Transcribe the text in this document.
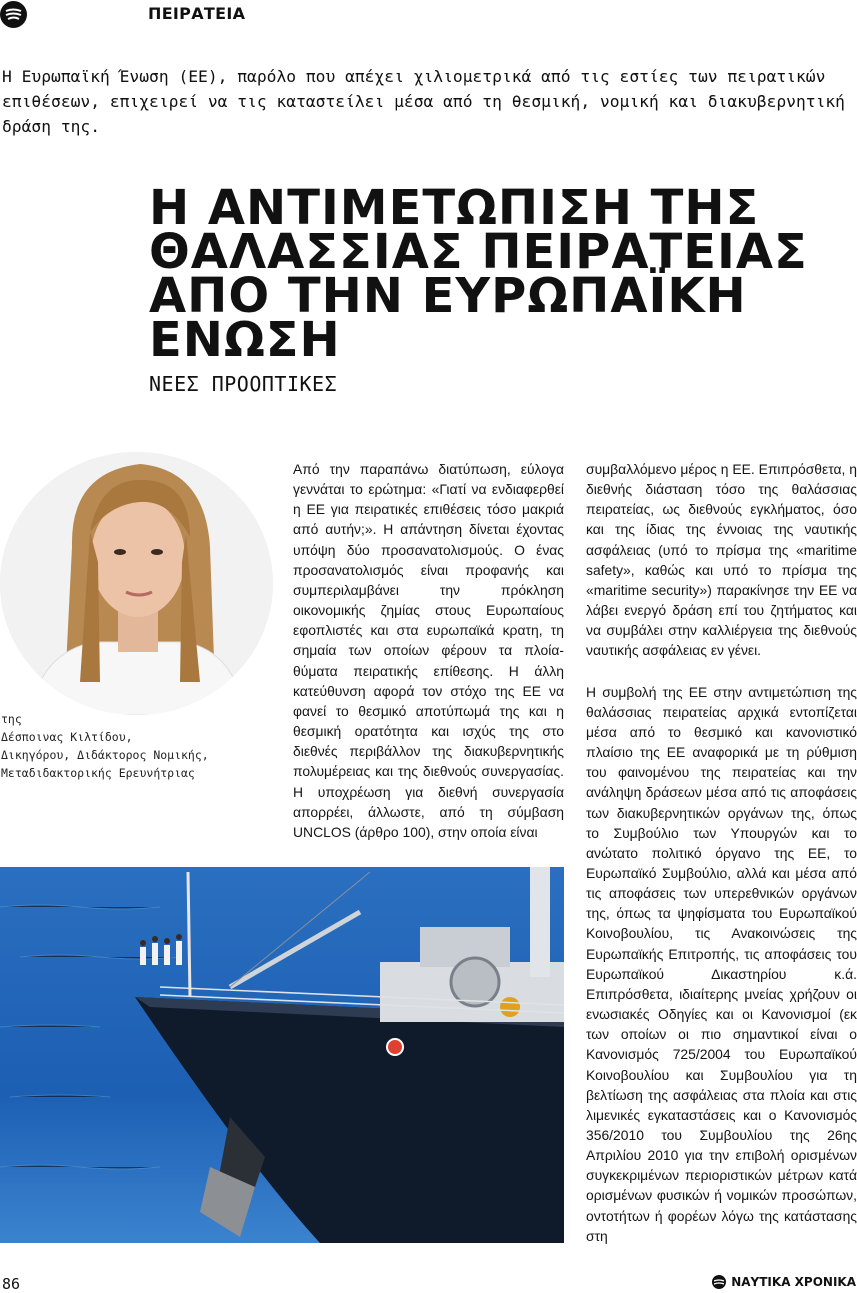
ΠΕΙΡΑΤΕΙΑ
Η Ευρωπαϊκή Ένωση (ΕΕ), παρόλο που απέχει χιλιομετρικά από τις εστίες των πειρατικών επιθέσεων, επιχειρεί να τις καταστείλει μέσα από τη θεσμική, νομική και διακυβερνητική δράση της.
Η ΑΝΤΙΜΕΤΩΠΙΣΗ ΤΗΣ
ΘΑΛΑΣΣΙΑΣ ΠΕΙΡΑΤΕΙΑΣ
ΑΠΟ ΤΗΝ ΕΥΡΩΠΑΪΚΗ
ΕΝΩΣΗ
ΝΕΕΣ ΠΡΟΟΠΤΙΚΕΣ
της
Δέσποινας Κιλτίδου,
Δικηγόρου, Διδάκτορος Νομικής,
Μεταδιδακτορικής Ερευνήτριας

Από την παραπάνω διατύπωση, εύλογα γεννάται το ερώτημα: «Γιατί να ενδιαφερθεί η ΕΕ για πειρατικές επιθέσεις τόσο μακριά από αυτήν;». Η απάντηση δίνεται έχοντας υπόψη δύο προσανατολισμούς. Ο ένας προσανατολισμός είναι προφανής και συμπεριλαμβάνει την πρόκληση οικονομικής ζημίας στους Ευρωπαίους εφοπλιστές και στα ευρωπαϊκά κρατη, τη σημαία των οποίων φέρουν τα πλοία-θύματα πειρατικής επίθεσης. Η άλλη κατεύθυνση αφορά τον στόχο της ΕΕ να φανεί το θεσμικό αποτύπωμά της και η θεσμική ορατότητα και ισχύς της στο διεθνές περιβάλλον της διακυβερνητικής πολυμέρειας και της διεθνούς συνεργασίας. Η υποχρέωση για διεθνή συνεργασία απορρέει, άλλωστε, από τη σύμβαση UNCLOS (άρθρο 100), στην οποία είναι

συμβαλλόμενο μέρος η ΕΕ. Επιπρόσθετα, η διεθνής διάσταση τόσο της θαλάσσιας πειρατείας, ως διεθνούς εγκλήματος, όσο και της ίδιας της έννοιας της ναυτικής ασφάλειας (υπό το πρίσμα της «maritime safety», καθώς και υπό το πρίσμα της «maritime security») παρακίνησε την ΕΕ να λάβει ενεργό δράση επί του ζητήματος και να συμβάλει στην καλλιέργεια της διεθνούς ναυτικής ασφάλειας εν γένει.

Η συμβολή της ΕΕ στην αντιμετώπιση της θαλάσσιας πειρατείας αρχικά εντοπίζεται μέσα από το θεσμικό και κανονιστικό πλαίσιο της ΕΕ αναφορικά με τη ρύθμιση του φαινομένου της πειρατείας και την ανάληψη δράσεων μέσα από τις αποφάσεις των διακυβερνητικών οργάνων της, όπως το Συμβούλιο των Υπουργών και το ανώτατο πολιτικό όργανο της ΕΕ, το Ευρωπαϊκό Συμβούλιο, αλλά και μέσα από τις αποφάσεις των υπερεθνικών οργάνων της, όπως τα ψηφίσματα του Ευρωπαϊκού Κοινοβουλίου, τις Ανακοινώσεις της Ευρωπαϊκής Επιτροπής, τις αποφάσεις του Ευρωπαϊκού Δικαστηρίου κ.ά. Επιπρόσθετα, ιδιαίτερης μνείας χρήζουν οι ενωσιακές Οδηγίες και οι Κανονισμοί (εκ των οποίων οι πιο σημαντικοί είναι ο Κανονισμός 725/2004 του Ευρωπαϊκού Κοινοβουλίου και Συμβουλίου για τη βελτίωση της ασφάλειας στα πλοία και στις λιμενικές εγκαταστάσεις και ο Κανονισμός 356/2010 του Συμβουλίου της 26ης Απριλίου 2010 για την επιβολή ορισμένων συγκεκριμένων περιοριστικών μέτρων κατά ορισμένων φυσικών ή νομικών προσώπων, οντοτήτων ή φορέων λόγω της κατάστασης στη

86	ΝΑΥΤΙΚΑ ΧΡΟΝΙΚΑ
